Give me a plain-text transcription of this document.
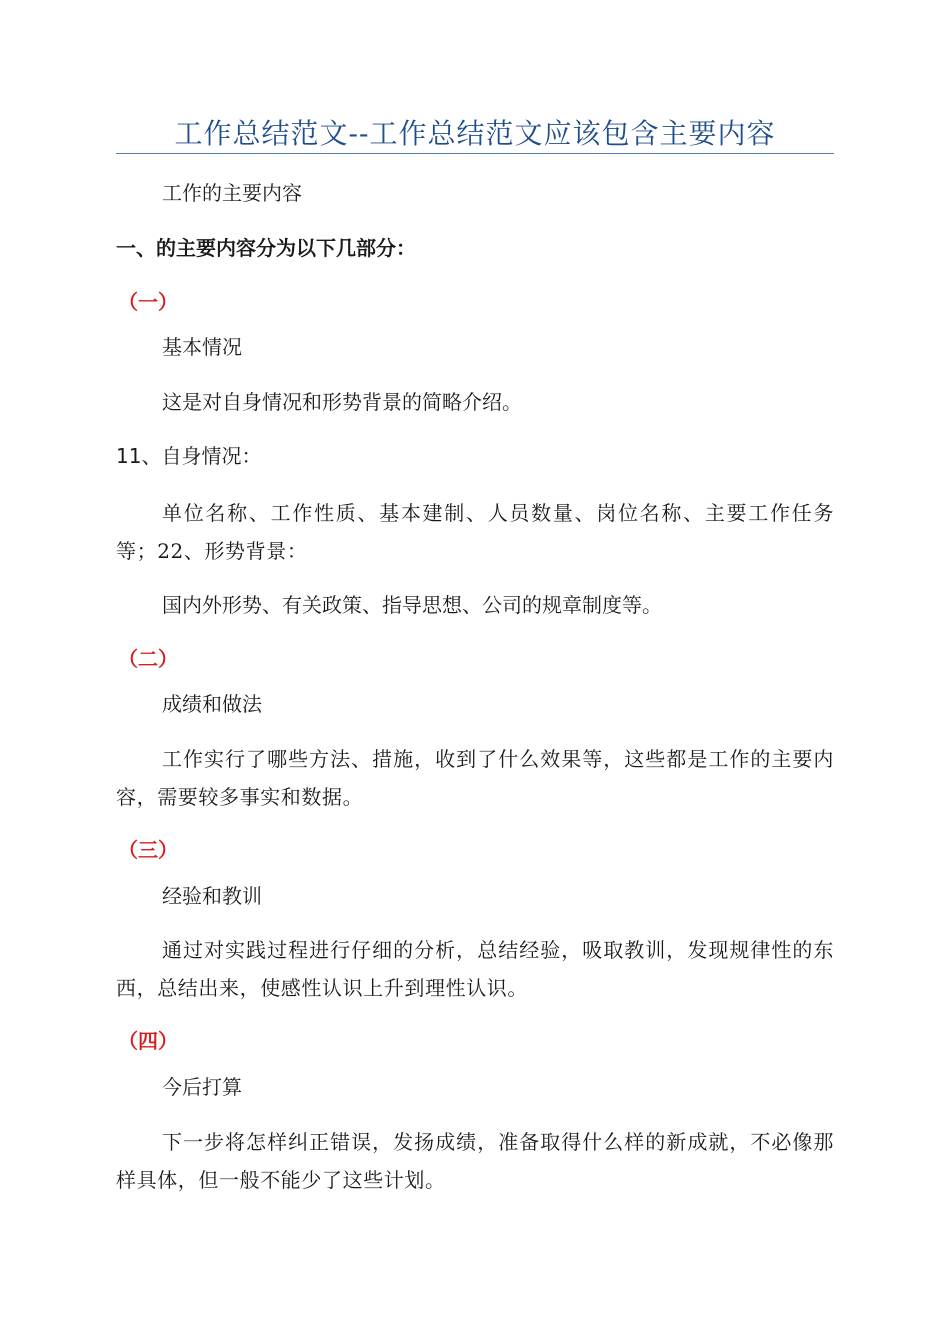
工作总结范文--工作总结范文应该包含主要内容
工作的主要内容
一、的主要内容分为以下几部分：
（一）
基本情况
这是对自身情况和形势背景的简略介绍。
11、自身情况：
单位名称、工作性质、基本建制、人员数量、岗位名称、主要工作任务等；22、形势背景：
国内外形势、有关政策、指导思想、公司的规章制度等。
（二）
成绩和做法
工作实行了哪些方法、措施，收到了什么效果等，这些都是工作的主要内容，需要较多事实和数据。
（三）
经验和教训
通过对实践过程进行仔细的分析，总结经验，吸取教训，发现规律性的东西，总结出来，使感性认识上升到理性认识。
（四）
今后打算
下一步将怎样纠正错误，发扬成绩，准备取得什么样的新成就，不必像那样具体，但一般不能少了这些计划。
